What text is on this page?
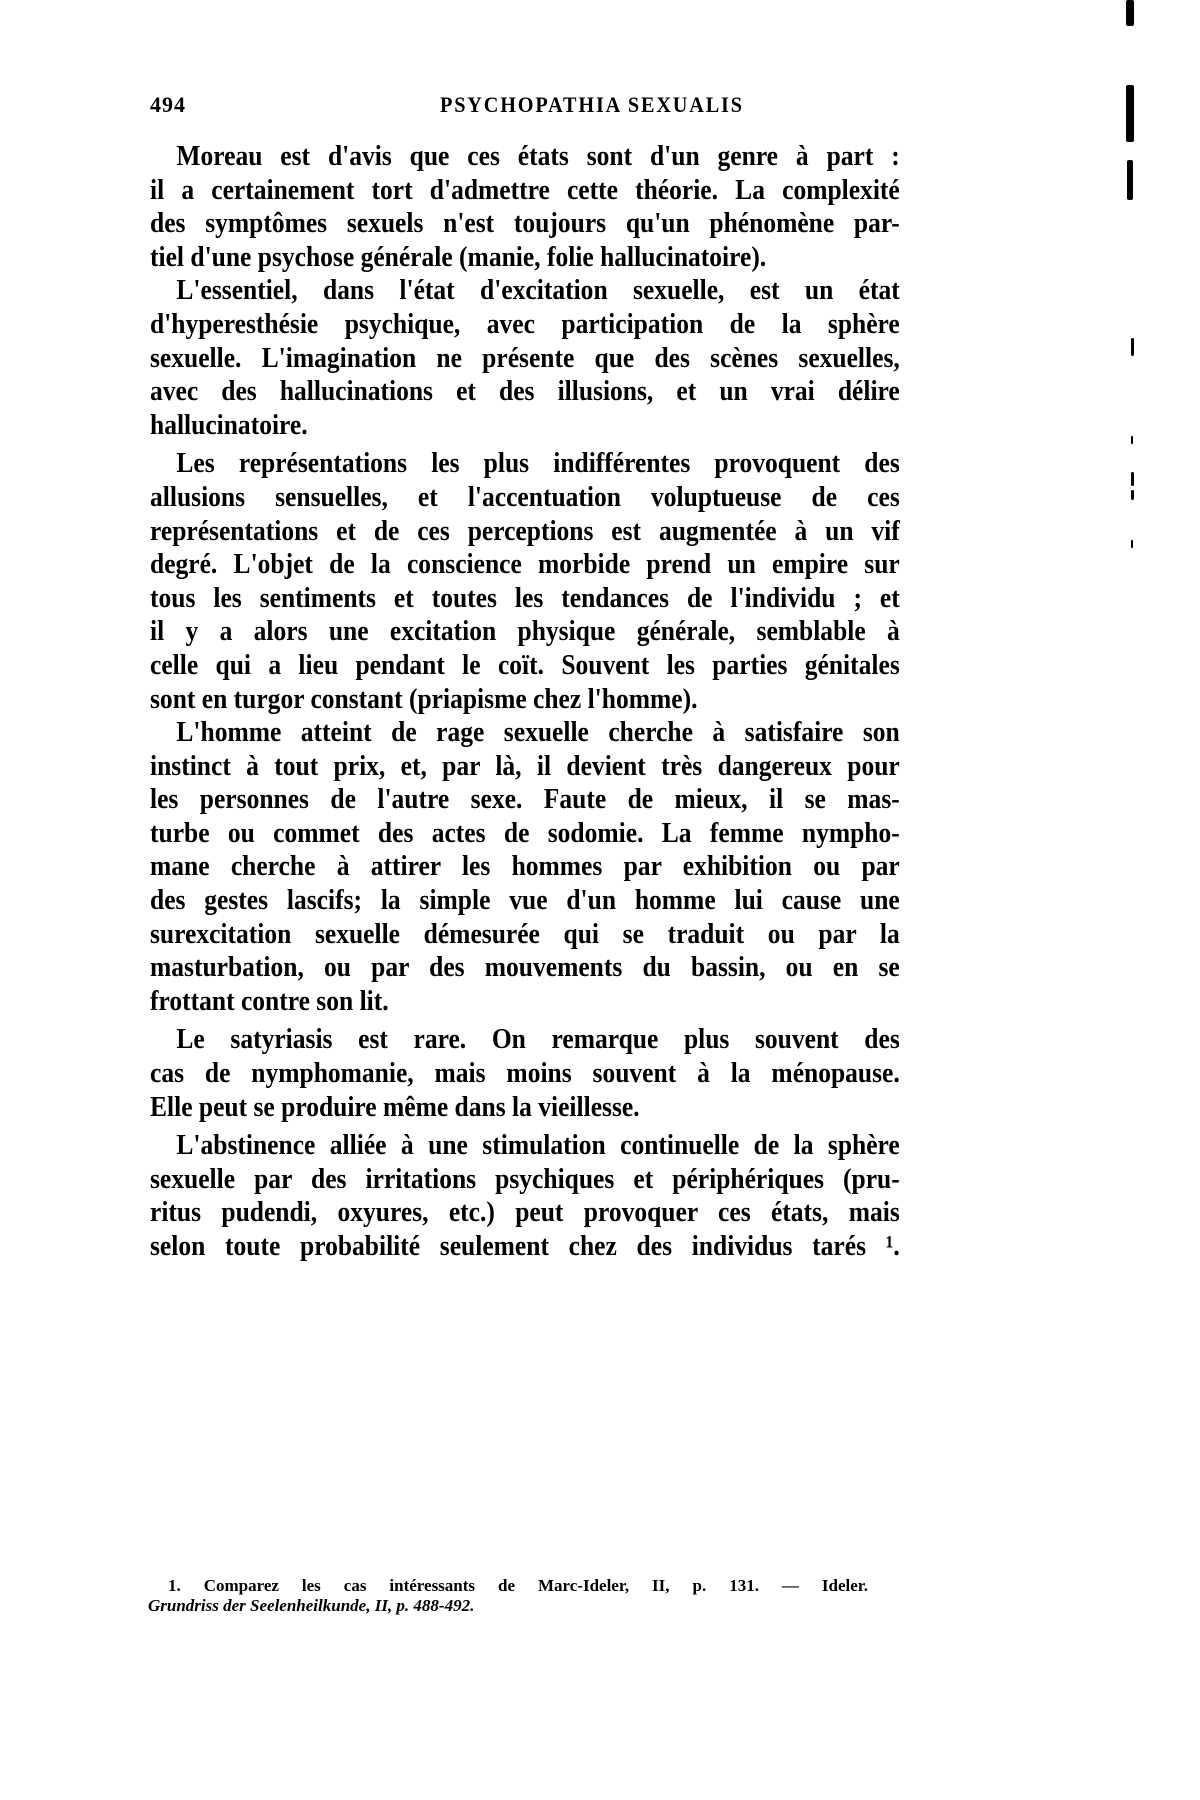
494	PSYCHOPATHIA SEXUALIS
Moreau est d'avis que ces états sont d'un genre à part :
il a certainement tort d'admettre cette théorie. La complexité
des symptômes sexuels n'est toujours qu'un phénomène par-
tiel d'une psychose générale (manie, folie hallucinatoire).
L'essentiel, dans l'état d'excitation sexuelle, est un état
d'hyperesthésie psychique, avec participation de la sphère
sexuelle. L'imagination ne présente que des scènes sexuelles,
avec des hallucinations et des illusions, et un vrai délire
hallucinatoire.
Les représentations les plus indifférentes provoquent des
allusions sensuelles, et l'accentuation voluptueuse de ces
représentations et de ces perceptions est augmentée à un vif
degré. L'objet de la conscience morbide prend un empire sur
tous les sentiments et toutes les tendances de l'individu ; et
il y a alors une excitation physique générale, semblable à
celle qui a lieu pendant le coït. Souvent les parties génitales
sont en turgor constant (priapisme chez l'homme).
L'homme atteint de rage sexuelle cherche à satisfaire son
instinct à tout prix, et, par là, il devient très dangereux pour
les personnes de l'autre sexe. Faute de mieux, il se mas-
turbe ou commet des actes de sodomie. La femme nympho-
mane cherche à attirer les hommes par exhibition ou par
des gestes lascifs; la simple vue d'un homme lui cause une
surexcitation sexuelle démesurée qui se traduit ou par la
masturbation, ou par des mouvements du bassin, ou en se
frottant contre son lit.
Le satyriasis est rare. On remarque plus souvent des
cas de nymphomanie, mais moins souvent à la ménopause.
Elle peut se produire même dans la vieillesse.
L'abstinence alliée à une stimulation continuelle de la sphère
sexuelle par des irritations psychiques et périphériques (pru-
ritus pudendi, oxyures, etc.) peut provoquer ces états, mais
selon toute probabilité seulement chez des individus tarés ¹.
1. Comparez les cas intéressants de Marc-Ideler, II, p. 131. — Ideler.
Grundriss der Seelenheilkunde, II, p. 488-492.
